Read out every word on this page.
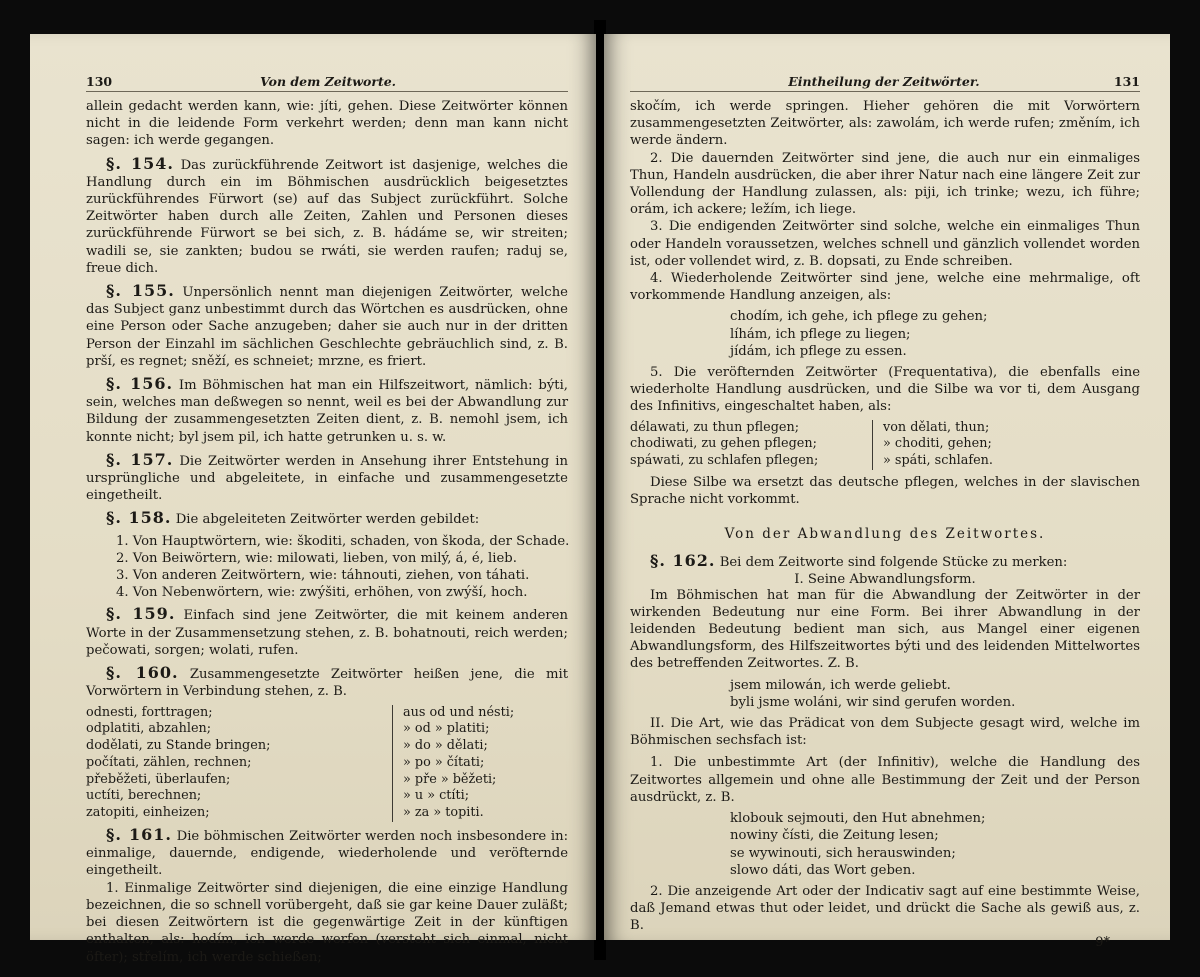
130	Von dem Zeitworte.

allein gedacht werden kann, wie: jíti, gehen. Diese Zeitwörter können nicht in die leidende Form verkehrt werden; denn man kann nicht sagen: ich werde gegangen.

§. 154. Das zurückführende Zeitwort ist dasjenige, welches die Handlung durch ein im Böhmischen ausdrücklich beigesetztes zurückführendes Fürwort (se) auf das Subject zurückführt. Solche Zeitwörter haben durch alle Zeiten, Zahlen und Personen dieses zurückführende Fürwort se bei sich, z. B. hádáme se, wir streiten; wadili se, sie zankten; budou se rwáti, sie werden raufen; raduj se, freue dich.

§. 155. Unpersönlich nennt man diejenigen Zeitwörter, welche das Subject ganz unbestimmt durch das Wörtchen es ausdrücken, ohne eine Person oder Sache anzugeben; daher sie auch nur in der dritten Person der Einzahl im sächlichen Geschlechte gebräuchlich sind, z. B. prší, es regnet; sněží, es schneiet; mrzne, es friert.

§. 156. Im Böhmischen hat man ein Hilfszeitwort, nämlich: býti, sein, welches man deßwegen so nennt, weil es bei der Abwandlung zur Bildung der zusammengesetzten Zeiten dient, z. B. nemohl jsem, ich konnte nicht; byl jsem pil, ich hatte getrunken u. s. w.

§. 157. Die Zeitwörter werden in Ansehung ihrer Entstehung in ursprüngliche und abgeleitete, in einfache und zusammengesetzte eingetheilt.

§. 158. Die abgeleiteten Zeitwörter werden gebildet:

1. Von Hauptwörtern, wie: škoditi, schaden, von škoda, der Schade.
2. Von Beiwörtern, wie: milowati, lieben, von milý, á, é, lieb.
3. Von anderen Zeitwörtern, wie: táhnouti, ziehen, von táhati.
4. Von Nebenwörtern, wie: zwýšiti, erhöhen, von zwýší, hoch.

§. 159. Einfach sind jene Zeitwörter, die mit keinem anderen Worte in der Zusammensetzung stehen, z. B. bohatnouti, reich werden; pečowati, sorgen; wolati, rufen.

§. 160. Zusammengesetzte Zeitwörter heißen jene, die mit Vorwörtern in Verbindung stehen, z. B.

odnesti, forttragen;
odplatiti, abzahlen;
dodělati, zu Stande bringen;
počítati, zählen, rechnen;
přeběžeti, überlaufen;
uctíti, berechnen;
zatopiti, einheizen;
aus od und nésti;
» od » platiti;
» do » dělati;
» po » čítati;
» pře » běžeti;
» u » ctíti;
» za » topiti.

§. 161. Die böhmischen Zeitwörter werden noch insbesondere in: einmalige, dauernde, endigende, wiederholende und veröfternde eingetheilt.

1. Einmalige Zeitwörter sind diejenigen, die eine einzige Handlung bezeichnen, die so schnell vorübergeht, daß sie gar keine Dauer zuläßt; bei diesen Zeitwörtern ist die gegenwärtige Zeit in der künftigen enthalten, als: hodím, ich werde werfen (versteht sich einmal, nicht öfter); střelím, ich werde schießen;

Eintheilung der Zeitwörter.	131

skočím, ich werde springen. Hieher gehören die mit Vorwörtern zusammengesetzten Zeitwörter, als: zawolám, ich werde rufen; změním, ich werde ändern.

2. Die dauernden Zeitwörter sind jene, die auch nur ein einmaliges Thun, Handeln ausdrücken, die aber ihrer Natur nach eine längere Zeit zur Vollendung der Handlung zulassen, als: piji, ich trinke; wezu, ich führe; orám, ich ackere; ležím, ich liege.

3. Die endigenden Zeitwörter sind solche, welche ein einmaliges Thun oder Handeln voraussetzen, welches schnell und gänzlich vollendet worden ist, oder vollendet wird, z. B. dopsati, zu Ende schreiben.

4. Wiederholende Zeitwörter sind jene, welche eine mehrmalige, oft vorkommende Handlung anzeigen, als:

chodím, ich gehe, ich pflege zu gehen;
líhám, ich pflege zu liegen;
jídám, ich pflege zu essen.

5. Die veröfternden Zeitwörter (Frequentativa), die ebenfalls eine wiederholte Handlung ausdrücken, und die Silbe wa vor ti, dem Ausgang des Infinitivs, eingeschaltet haben, als:

délawati, zu thun pflegen;
chodiwati, zu gehen pflegen;
spáwati, zu schlafen pflegen;
von dělati, thun;
» choditi, gehen;
» spáti, schlafen.

Diese Silbe wa ersetzt das deutsche pflegen, welches in der slavischen Sprache nicht vorkommt.

Von der Abwandlung des Zeitwortes.

§. 162. Bei dem Zeitworte sind folgende Stücke zu merken:

I. Seine Abwandlungsform.

Im Böhmischen hat man für die Abwandlung der Zeitwörter in der wirkenden Bedeutung nur eine Form. Bei ihrer Abwandlung in der leidenden Bedeutung bedient man sich, aus Mangel einer eigenen Abwandlungsform, des Hilfszeitwortes býti und des leidenden Mittelwortes des betreffenden Zeitwortes. Z. B.

jsem milowán, ich werde geliebt.
byli jsme woláni, wir sind gerufen worden.

II. Die Art, wie das Prädicat von dem Subjecte gesagt wird, welche im Böhmischen sechsfach ist:

1. Die unbestimmte Art (der Infinitiv), welche die Handlung des Zeitwortes allgemein und ohne alle Bestimmung der Zeit und der Person ausdrückt, z. B.

klobouk sejmouti, den Hut abnehmen;
nowiny čísti, die Zeitung lesen;
se wywinouti, sich herauswinden;
slowo dáti, das Wort geben.

2. Die anzeigende Art oder der Indicativ sagt auf eine bestimmte Weise, daß Jemand etwas thut oder leidet, und drückt die Sache als gewiß aus, z. B.

9*
